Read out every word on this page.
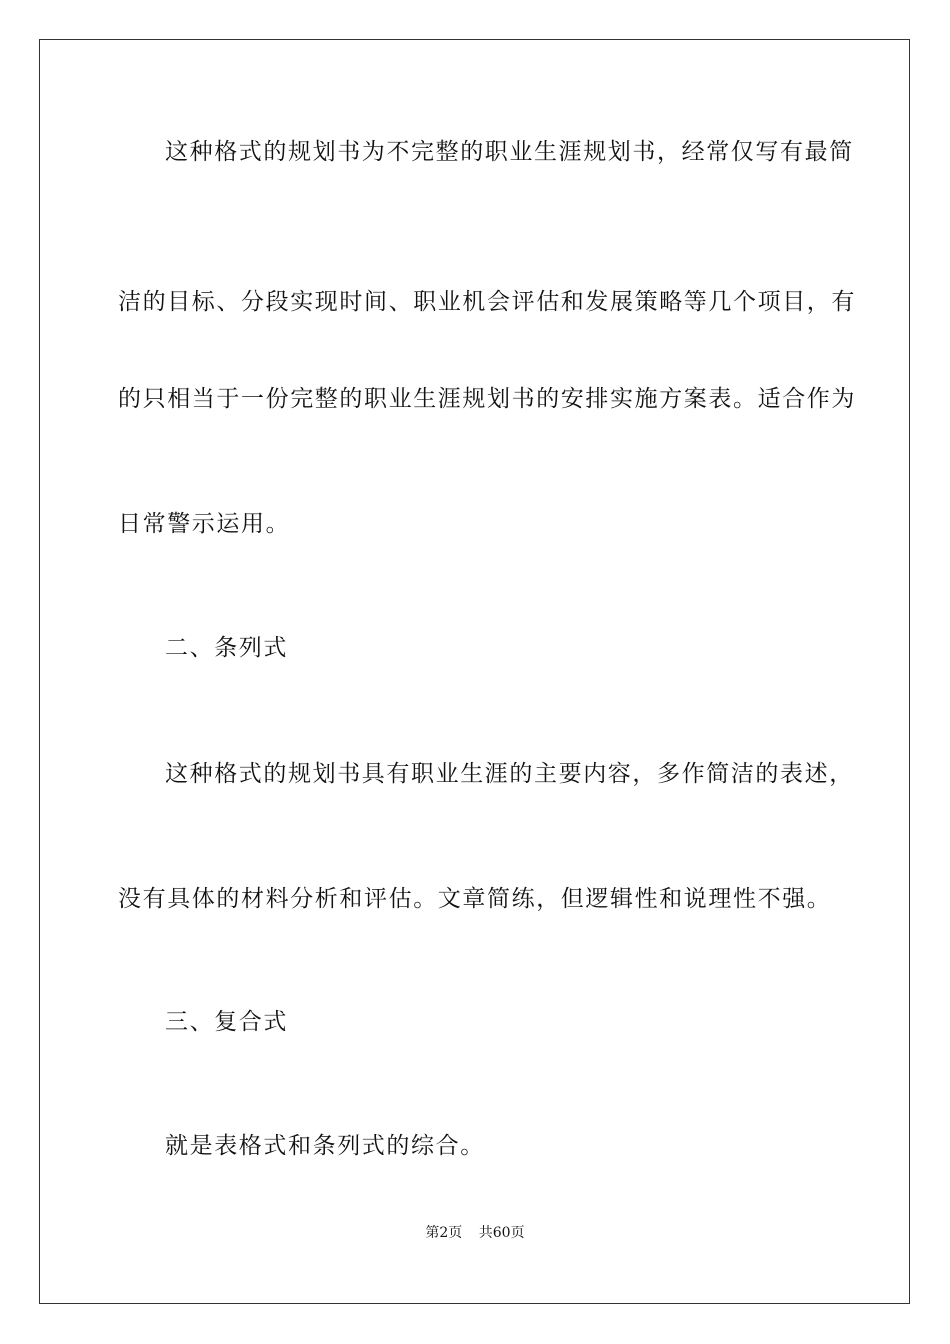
这种格式的规划书为不完整的职业生涯规划书，经常仅写有最简
洁的目标、分段实现时间、职业机会评估和发展策略等几个项目，有
的只相当于一份完整的职业生涯规划书的安排实施方案表。适合作为
日常警示运用。
二、条列式
这种格式的规划书具有职业生涯的主要内容，多作简洁的表述，
没有具体的材料分析和评估。文章简练，但逻辑性和说理性不强。
三、复合式
就是表格式和条列式的综合。
第2页 共60页
